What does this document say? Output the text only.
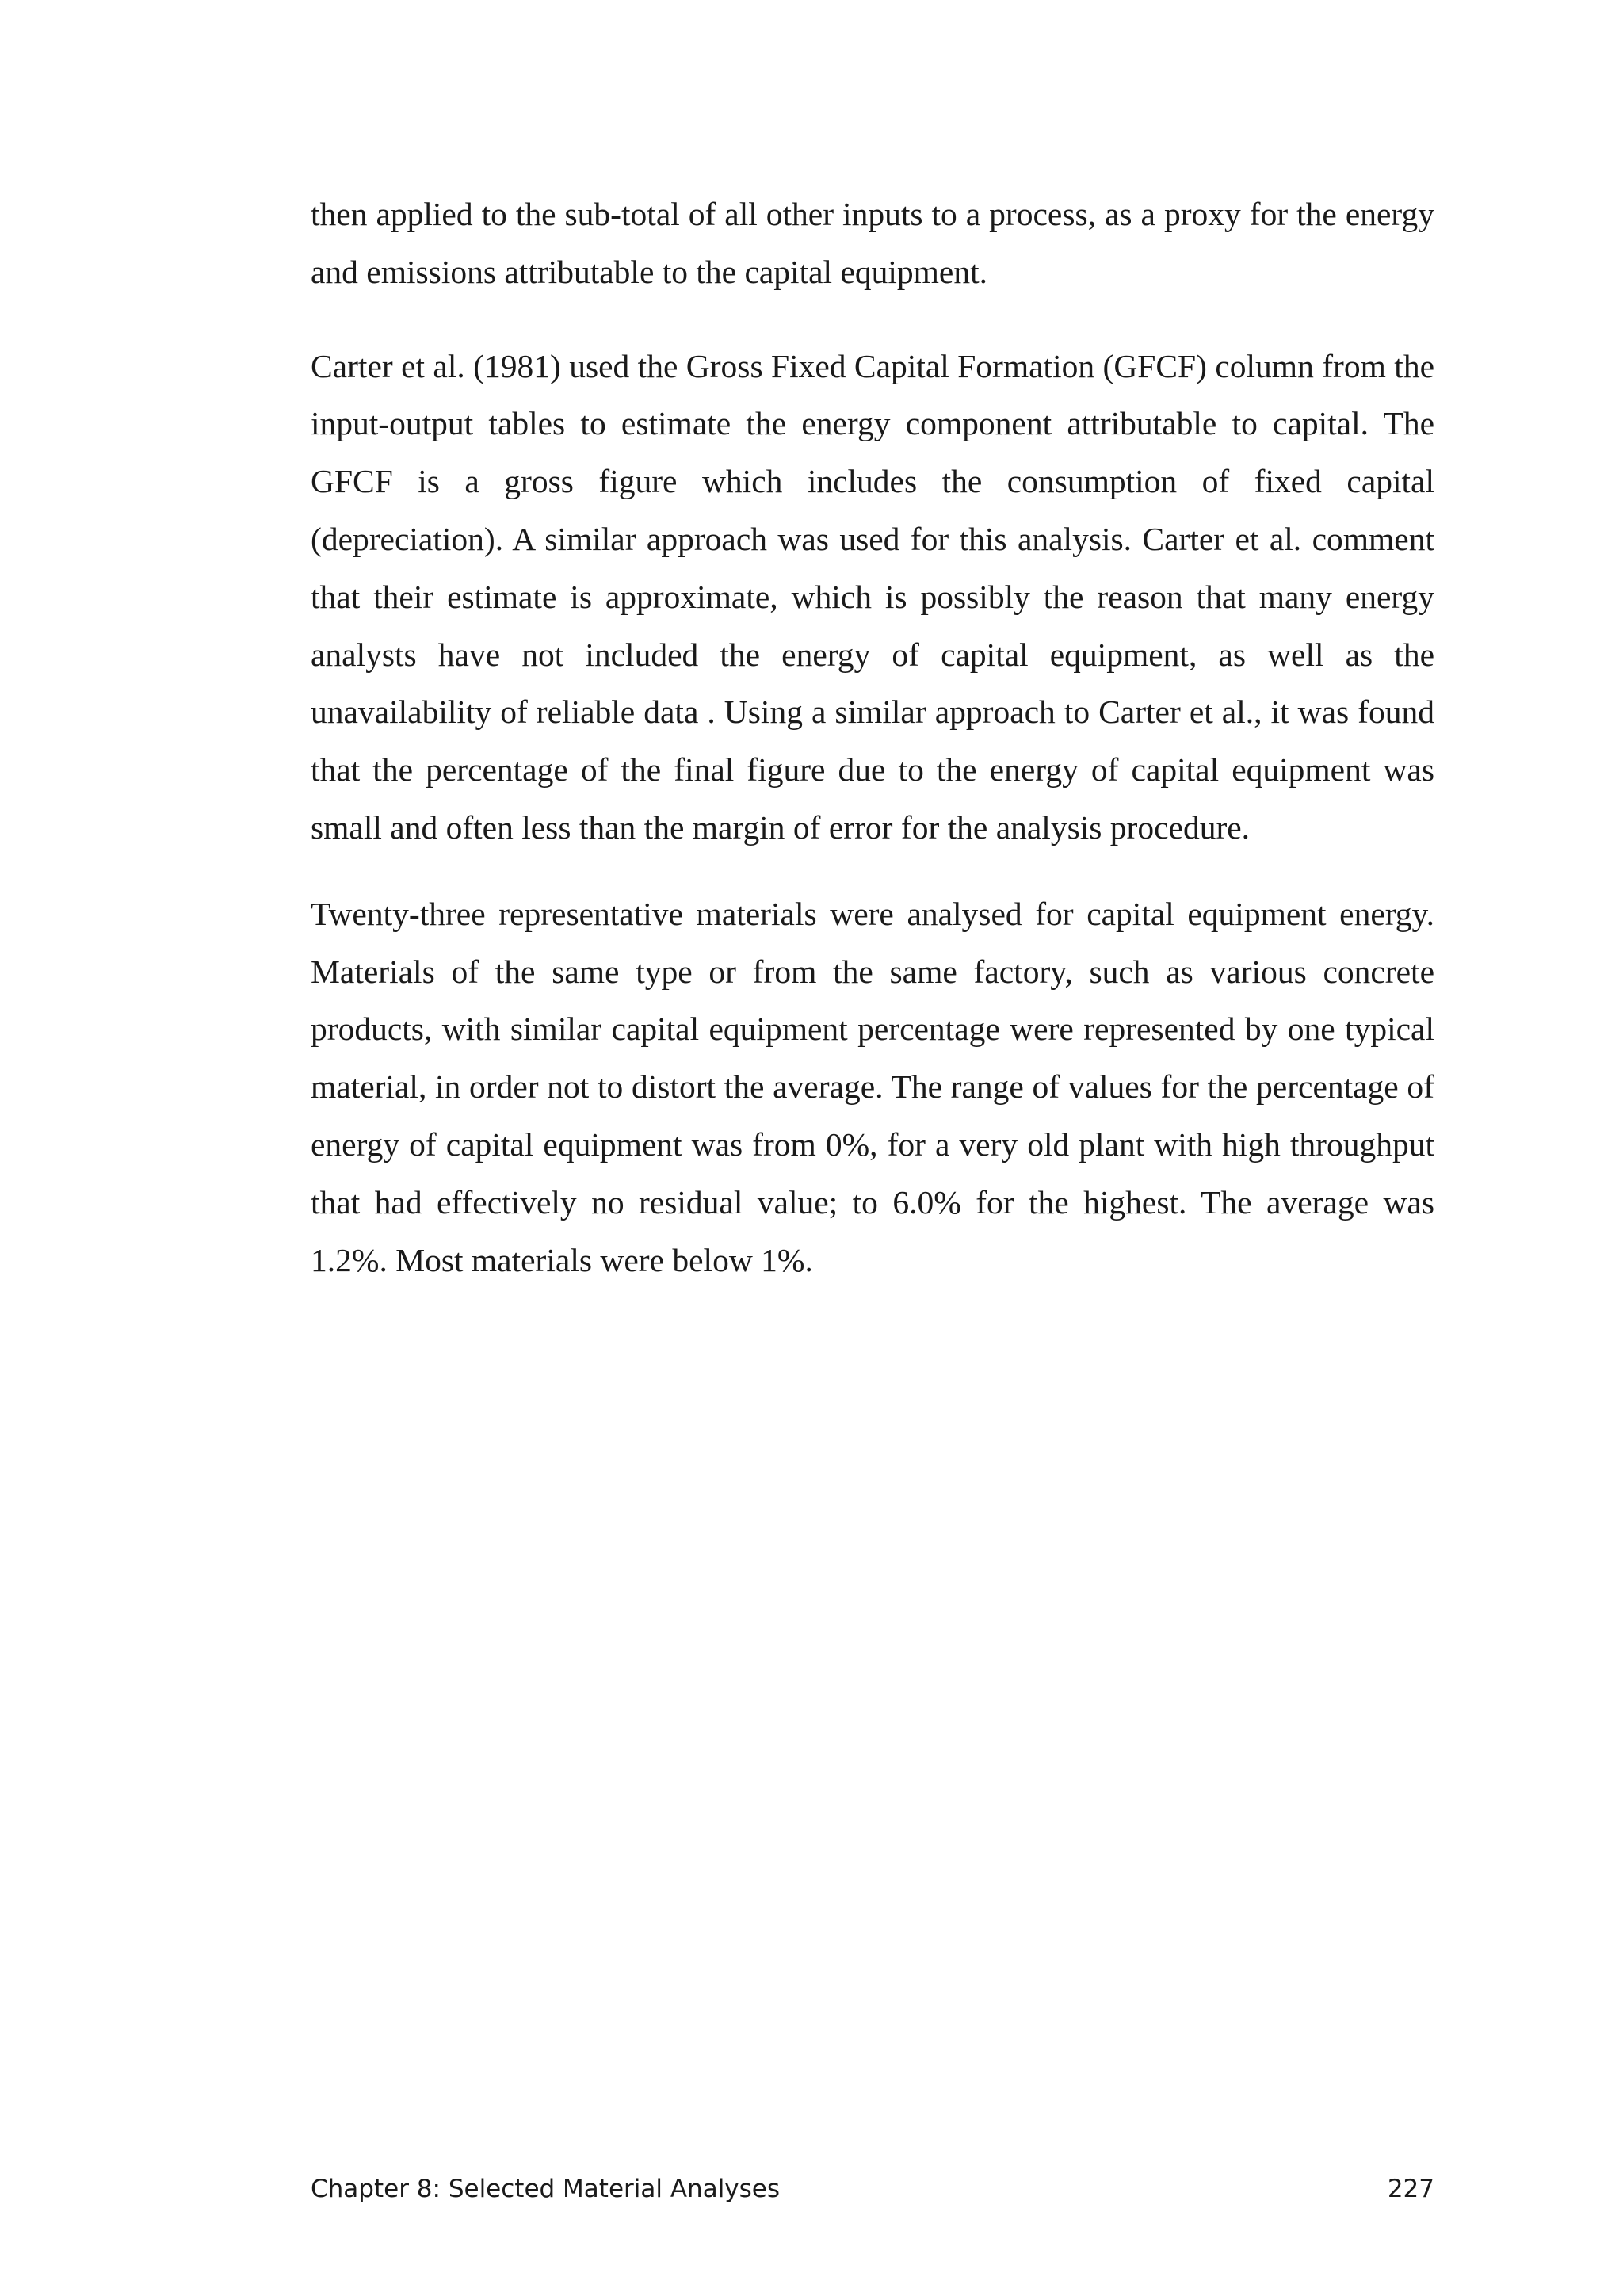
then applied to the sub-total of all other inputs to a process, as a proxy for the energy and emissions attributable to the capital equipment.

Carter et al. (1981) used the Gross Fixed Capital Formation (GFCF) column from the input-output tables to estimate the energy component attributable to capital. The GFCF is a gross figure which includes the consumption of fixed capital (depreciation). A similar approach was used for this analysis. Carter et al. comment that their estimate is approximate, which is possibly the reason that many energy analysts have not included the energy of capital equipment, as well as the unavailability of reliable data . Using a similar approach to Carter et al., it was found that the percentage of the final figure due to the energy of capital equipment was small and often less than the margin of error for the analysis procedure.

Twenty-three representative materials were analysed for capital equipment energy. Materials of the same type or from the same factory, such as various concrete products, with similar capital equipment percentage were represented by one typical material, in order not to distort the average. The range of values for the percentage of energy of capital equipment was from 0%, for a very old plant with high throughput that had effectively no residual value; to 6.0% for the highest. The average was 1.2%. Most materials were below 1%.

Chapter 8: Selected Material Analyses	227
